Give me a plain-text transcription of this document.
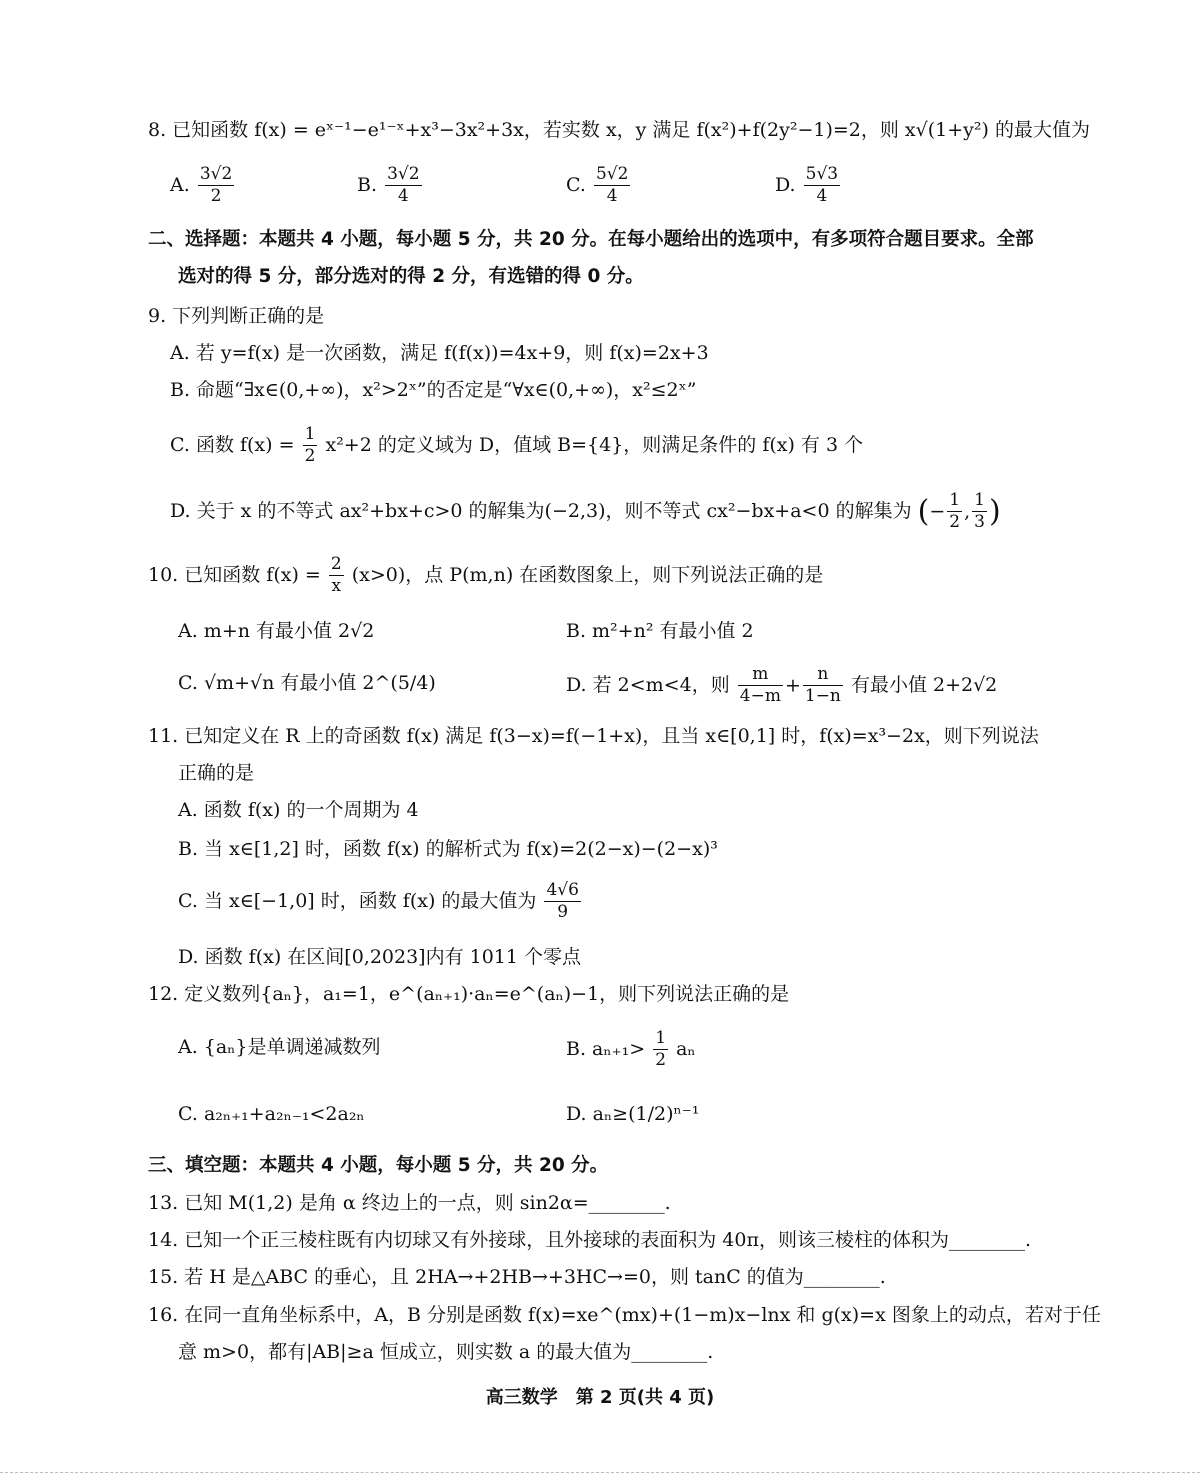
8. 已知函数 f(x) = eˣ⁻¹−e¹⁻ˣ+x³−3x²+3x，若实数 x，y 满足 f(x²)+f(2y²−1)=2，则 x√(1+y²) 的最大值为
A. $\frac{3√2}{2}$	B. $\frac{3√2}{4}$	C. $\frac{5√2}{4}$	D. $\frac{5√3}{4}$
二、选择题：本题共 4 小题，每小题 5 分，共 20 分。在每小题给出的选项中，有多项符合题目要求。全部
选对的得 5 分，部分选对的得 2 分，有选错的得 0 分。
9. 下列判断正确的是
A. 若 y=f(x) 是一次函数，满足 f(f(x))=4x+9，则 f(x)=2x+3
B. 命题“∃x∈(0,+∞)，x²>2ˣ”的否定是“∀x∈(0,+∞)，x²≤2ˣ”
C. 函数 $f(x) = \frac{1}{2} x^2+2$ 的定义域为 D，值域 B={4}，则满足条件的 f(x) 有 3 个
D. 关于 x 的不等式 ax²+bx+c>0 的解集为(−2,3)，则不等式 cx²−bx+a<0 的解集为 (− $\frac{1}{2}$ , $\frac{1}{3}$ )
10. 已知函数 $f(x) = \frac{2}{x} (x>0)$，点 P(m,n) 在函数图象上，则下列说法正确的是
A. m+n 有最小值 2√2	B. m²+n² 有最小值 2
C. √m+√n 有最小值 2^(5/4)	D. 若 2<m<4，则 $\frac{m}{4-m} + \frac{n}{1-n}$ 有最小值 2+2√2
11. 已知定义在 R 上的奇函数 f(x) 满足 f(3−x)=f(−1+x)，且当 x∈[0,1] 时，f(x)=x³−2x，则下列说法
正确的是
A. 函数 f(x) 的一个周期为 4
B. 当 x∈[1,2] 时，函数 f(x) 的解析式为 f(x)=2(2−x)−(2−x)³
C. 当 x∈[−1,0] 时，函数 f(x) 的最大值为 $\frac{4√6}{9}$
D. 函数 f(x) 在区间[0,2023]内有 1011 个零点
12. 定义数列{aₙ}，a₁=1，e^(aₙ₊₁)·aₙ=e^(aₙ)−1，则下列说法正确的是
A. {aₙ}是单调递减数列	B. $a_{n+1}> \frac{1}{2}$ aₙ
C. a₂ₙ₊₁+a₂ₙ₋₁<2a₂ₙ	D. aₙ≥(1/2)ⁿ⁻¹
三、填空题：本题共 4 小题，每小题 5 分，共 20 分。
13. 已知 M(1,2) 是角 α 终边上的一点，则 sin2α=________.
14. 已知一个正三棱柱既有内切球又有外接球，且外接球的表面积为 40π，则该三棱柱的体积为________.
15. 若 H 是△ABC 的垂心，且 2HA→+2HB→+3HC→=0，则 tanC 的值为________.
16. 在同一直角坐标系中，A，B 分别是函数 f(x)=xe^(mx)+(1−m)x−lnx 和 g(x)=x 图象上的动点，若对于任
意 m>0，都有|AB|≥a 恒成立，则实数 a 的最大值为________.
高三数学　第 2 页(共 4 页)
